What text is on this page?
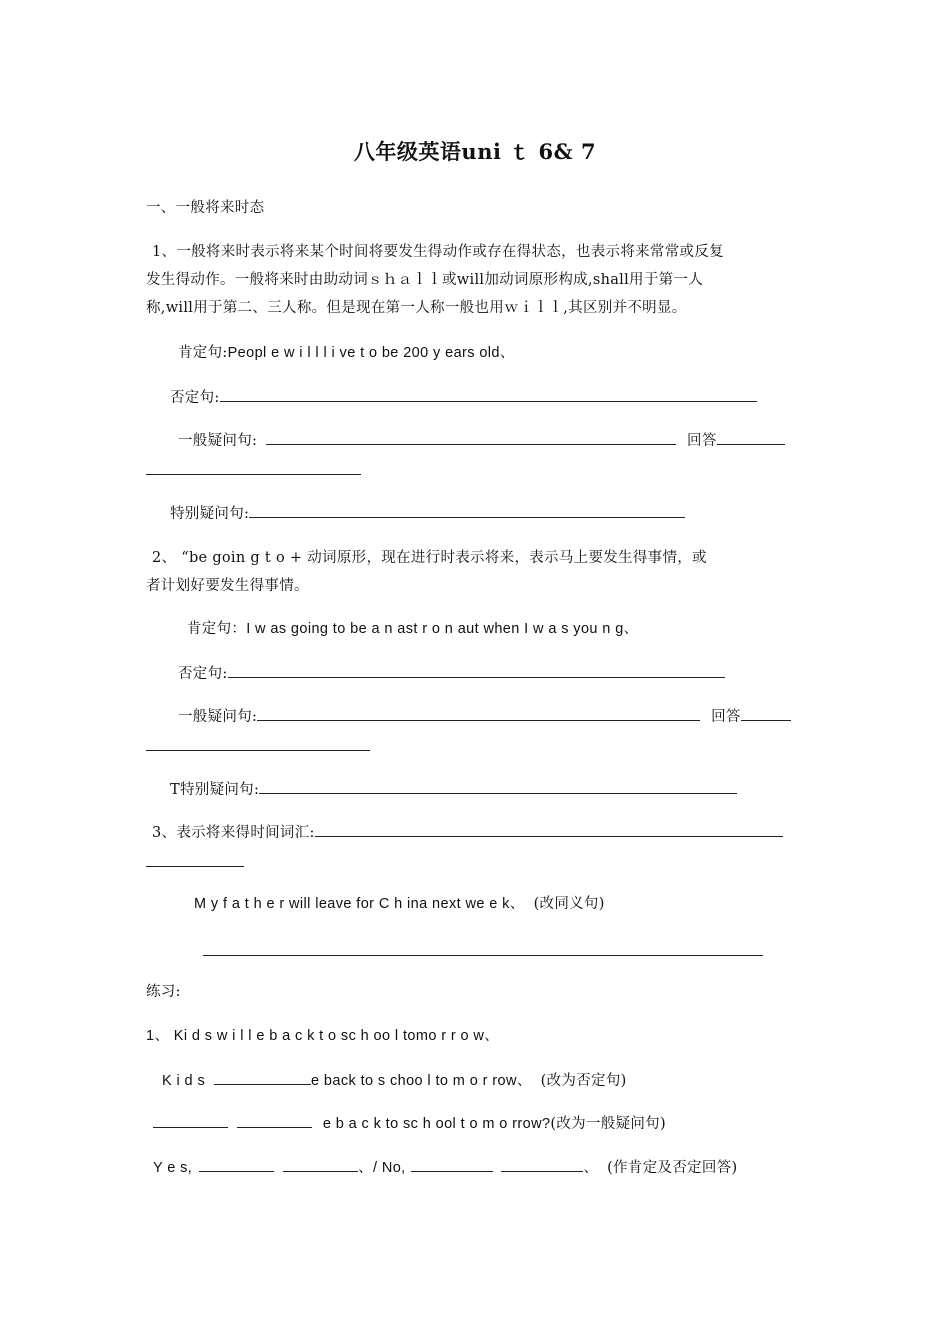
八年级英语uni ｔ 6& 7
一、一般将来时态
1、一般将来时表示将来某个时间将要发生得动作或存在得状态，也表示将来常常或反复
发生得动作。一般将来时由助动词ｓｈａｌｌ或will加动词原形构成,shall用于第一人
称,will用于第二、三人称。但是现在第一人称一般也用ｗｉｌｌ,其区别并不明显。
肯定句:Peopl e w i l l l i ve t o be 200 y ears old、
否定句:
一般疑问句:	回答
特别疑问句:
2、 “be goin g t o + 动词原形，现在进行时表示将来，表示马上要发生得事情，或
者计划好要发生得事情。
肯定句：I w as going to be a n ast r o n aut when I w a s you n g、
否定句:
一般疑问句:	回答
T特别疑问句:
3、表示将来得时间词汇:
M y f a t h e r will leave for C h ina next we e k、 (改同义句)
练习:
1、 Ki d s w i l l e b a c k t o sc h oo l tomo r r o w、
K i d s	e back to s choo l to m o r row、 (改为否定句)
e b a c k to sc h ool t o m o rrow?(改为一般疑问句)
Y e s,	、/ No,	、 (作肯定及否定回答)
